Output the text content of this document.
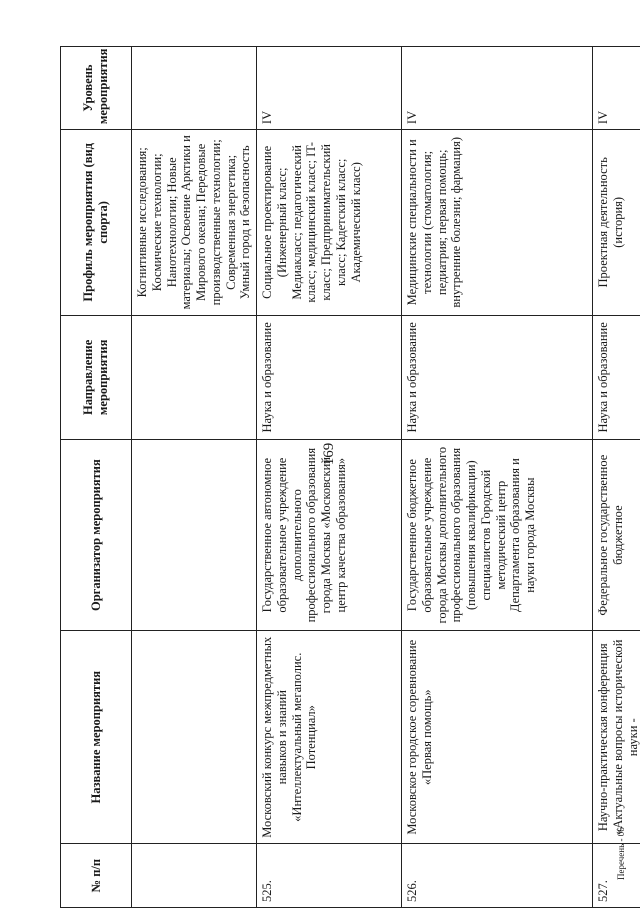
169
№ п/п	Название мероприятия	Организатор мероприятия	Направление мероприятия	Профиль мероприятия (вид спорта)	Уровень мероприятия
				Когнитивные исследования; Космические технологии; Нанотехнологии; Новые материалы; Освоение Арктики и Мирового океана; Передовые производственные технологии; Современная энергетика; Умный город и безопасность	
525.	Московский конкурс межпредметных навыков и знаний «Интеллектуальный мегаполис. Потенциал»	Государственное автономное образовательное учреждение дополнительного профессионального образования города Москвы «Московский центр качества образования»	Наука и образование	Социальное проектирование (Инженерный класс; Медиакласс; педагогический класс; медицинский класс; IT-класс; Предпринимательский класс; Кадетский класс; Академический класс)	IV
526.	Московское городское соревнование «Первая помощь»	Государственное бюджетное образовательное учреждение города Москвы дополнительного профессионального образования (повышения квалификации) специалистов Городской методический центр Департамента образования и науки города Москвы	Наука и образование	Медицинские специальности и технологии (стоматология; педиатрия; первая помощь; внутренние болезни; фармация)	IV
527.	Научно-практическая конференция «Актуальные вопросы исторической науки -	Федеральное государственное бюджетное	Наука и образование	Проектная деятельность (история)	IV
Перечень - 06
